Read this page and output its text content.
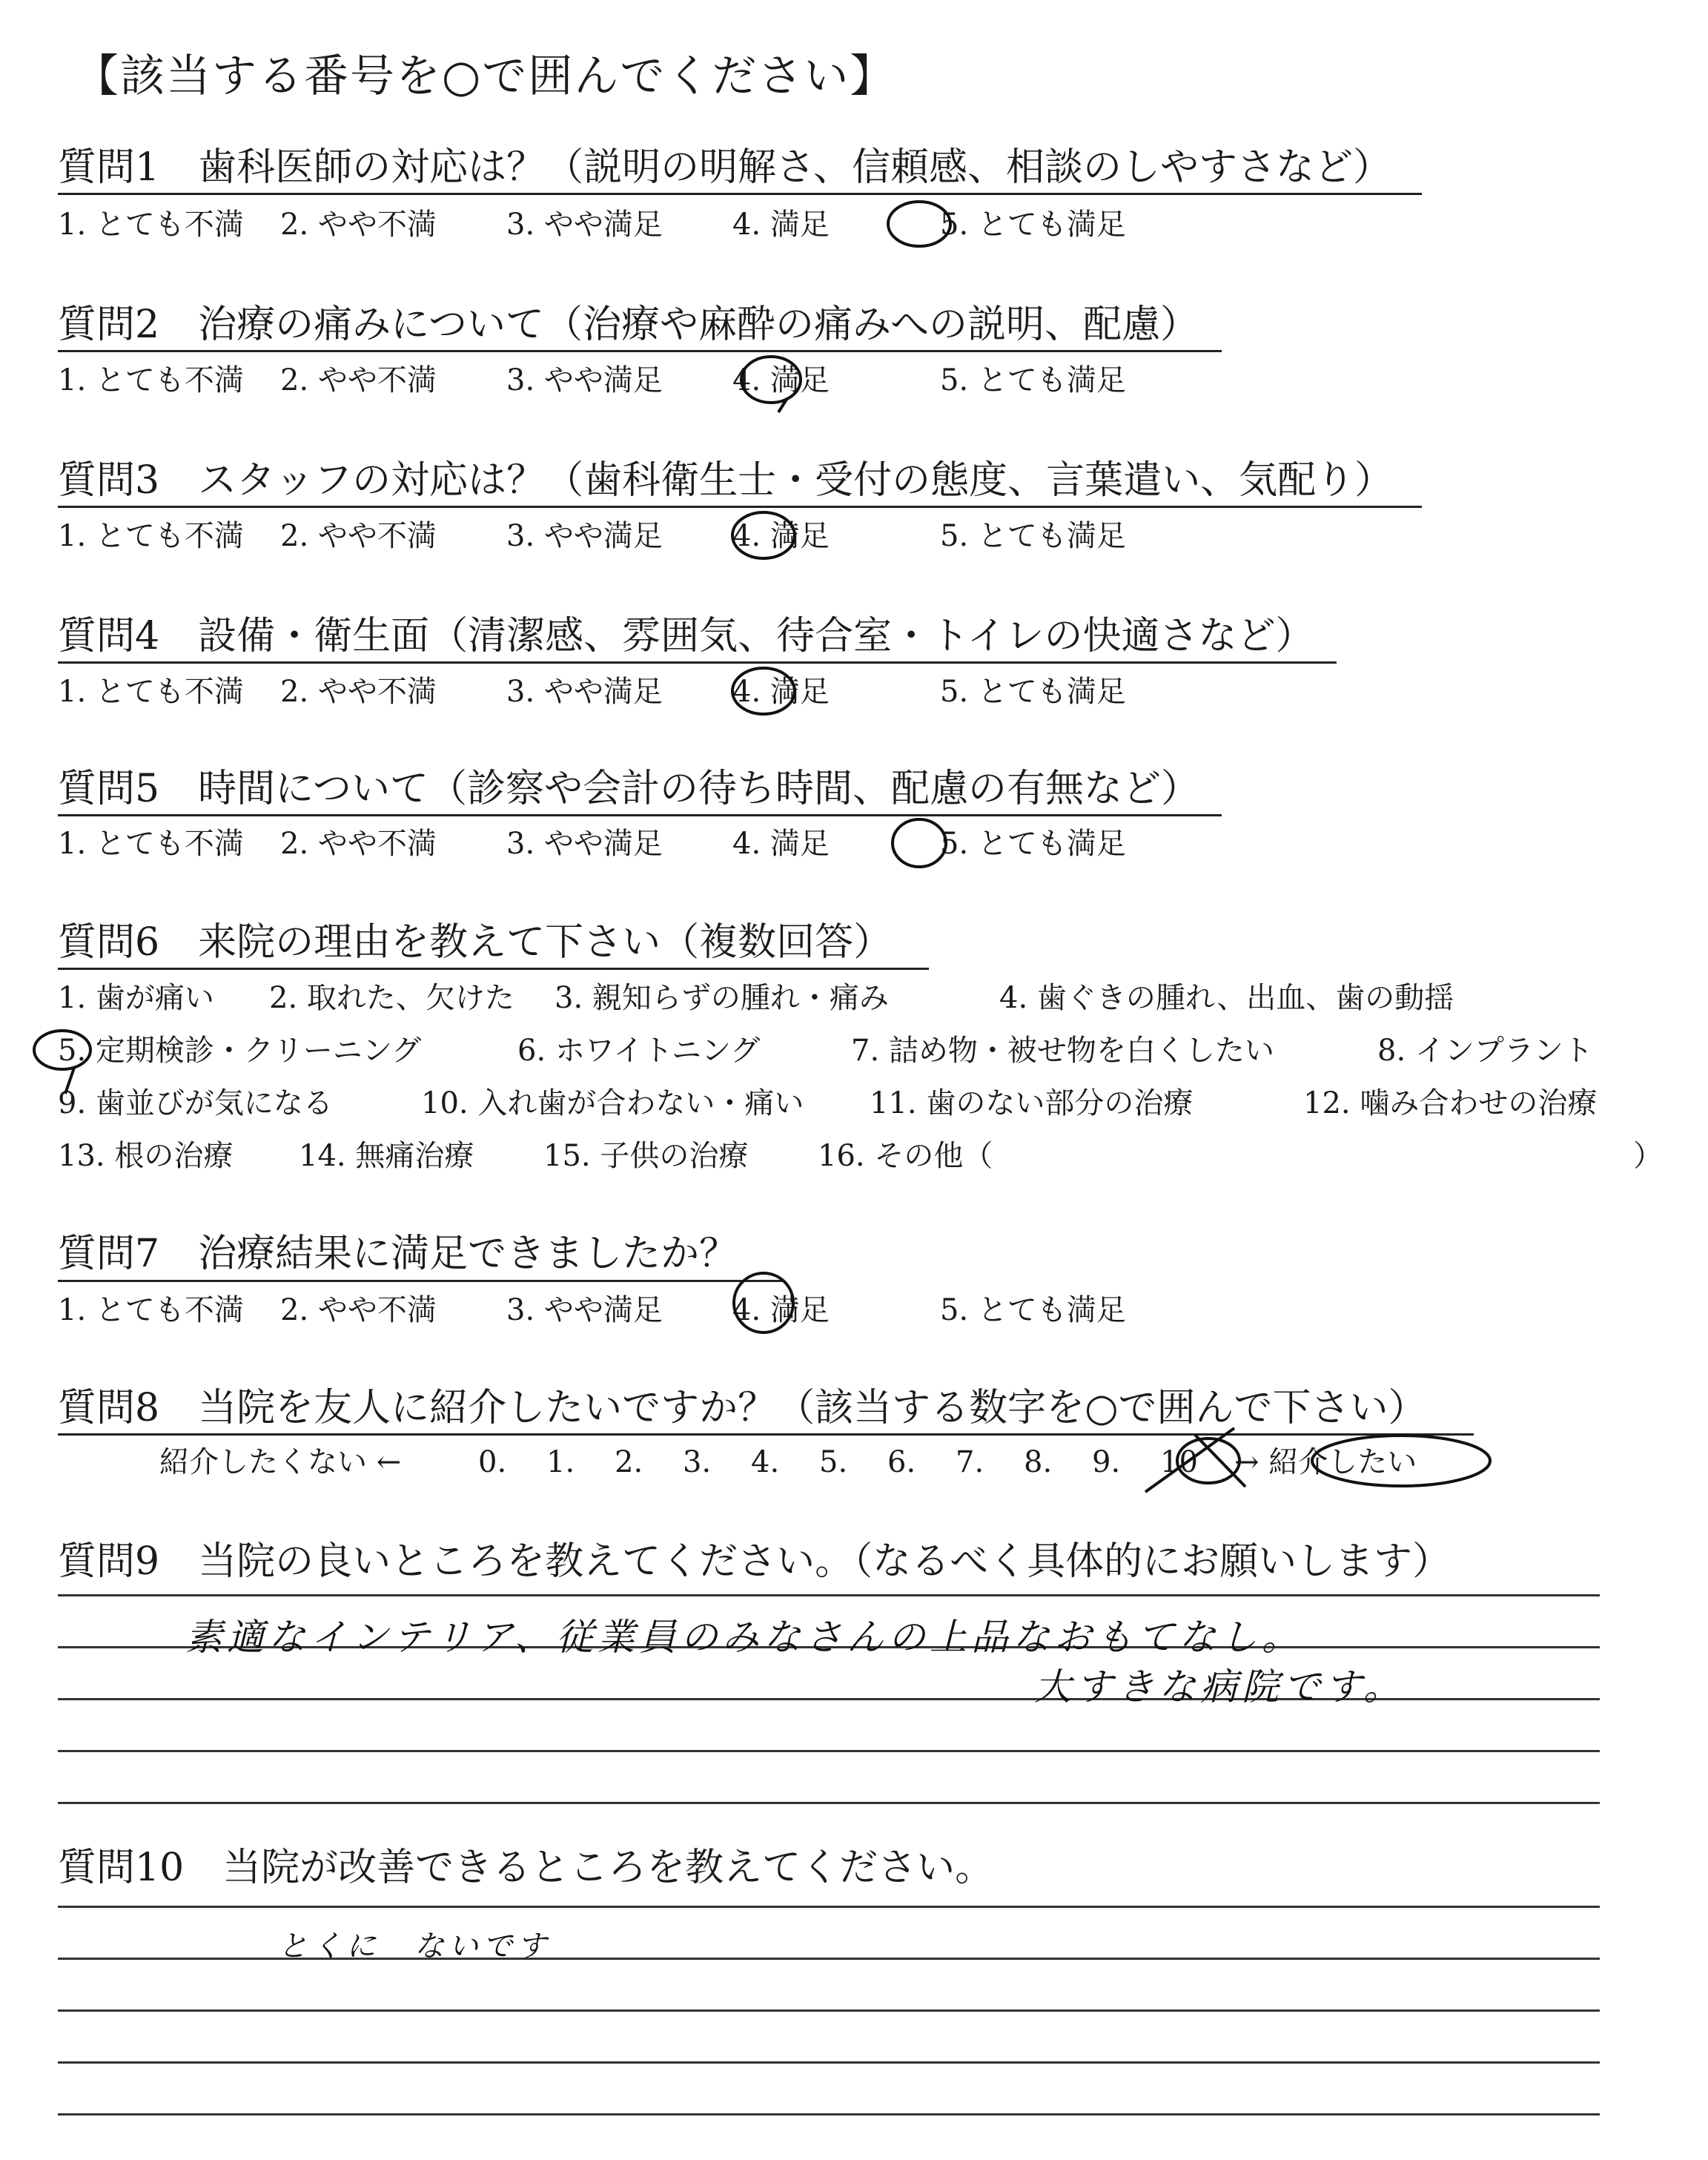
【該当する番号を○で囲んでください】
質問1　歯科医師の対応は？（説明の明解さ、信頼感、相談のしやすさなど）
1. とても不満 2. やや不満 3. やや満足 4. 満足	5. とても満足
質問2　治療の痛みについて（治療や麻酔の痛みへの説明、配慮）
1. とても不満 2. やや不満 3. やや満足 4. 満足	5. とても満足
質問3　スタッフの対応は？（歯科衛生士・受付の態度、言葉遣い、気配り）
1. とても不満 2. やや不満 3. やや満足 4. 満足	5. とても満足
質問4　設備・衛生面（清潔感、雰囲気、待合室・トイレの快適さなど）
1. とても不満 2. やや不満 3. やや満足 4. 満足	5. とても満足
質問5　時間について（診察や会計の待ち時間、配慮の有無など）
1. とても不満 2. やや不満 3. やや満足 4. 満足	5. とても満足
質問6　来院の理由を教えて下さい（複数回答）
1. 歯が痛い 2. 取れた、欠けた 3. 親知らずの腫れ・痛み	4. 歯ぐきの腫れ、出血、歯の動揺
5. 定期検診・クリーニング	6. ホワイトニング	7. 詰め物・被せ物を白くしたい	8. インプラント
9. 歯並びが気になる	10. 入れ歯が合わない・痛い 11. 歯のない部分の治療	12. 噛み合わせの治療
13. 根の治療 14. 無痛治療 15. 子供の治療 16. その他（	）
質問7　治療結果に満足できましたか？
1. とても不満 2. やや不満 3. やや満足 4. 満足	5. とても満足
質問8　当院を友人に紹介したいですか？（該当する数字を○で囲んで下さい）
紹介したくない ←	0. 1. 2. 3. 4. 5. 6. 7. 8. 9. 10 → 紹介したい
質問9　当院の良いところを教えてください。（なるべく具体的にお願いします）
素適なインテリア、従業員のみなさんの上品なおもてなし。
大すきな病院です。
質問10　当院が改善できるところを教えてください。
とくに　ないです
